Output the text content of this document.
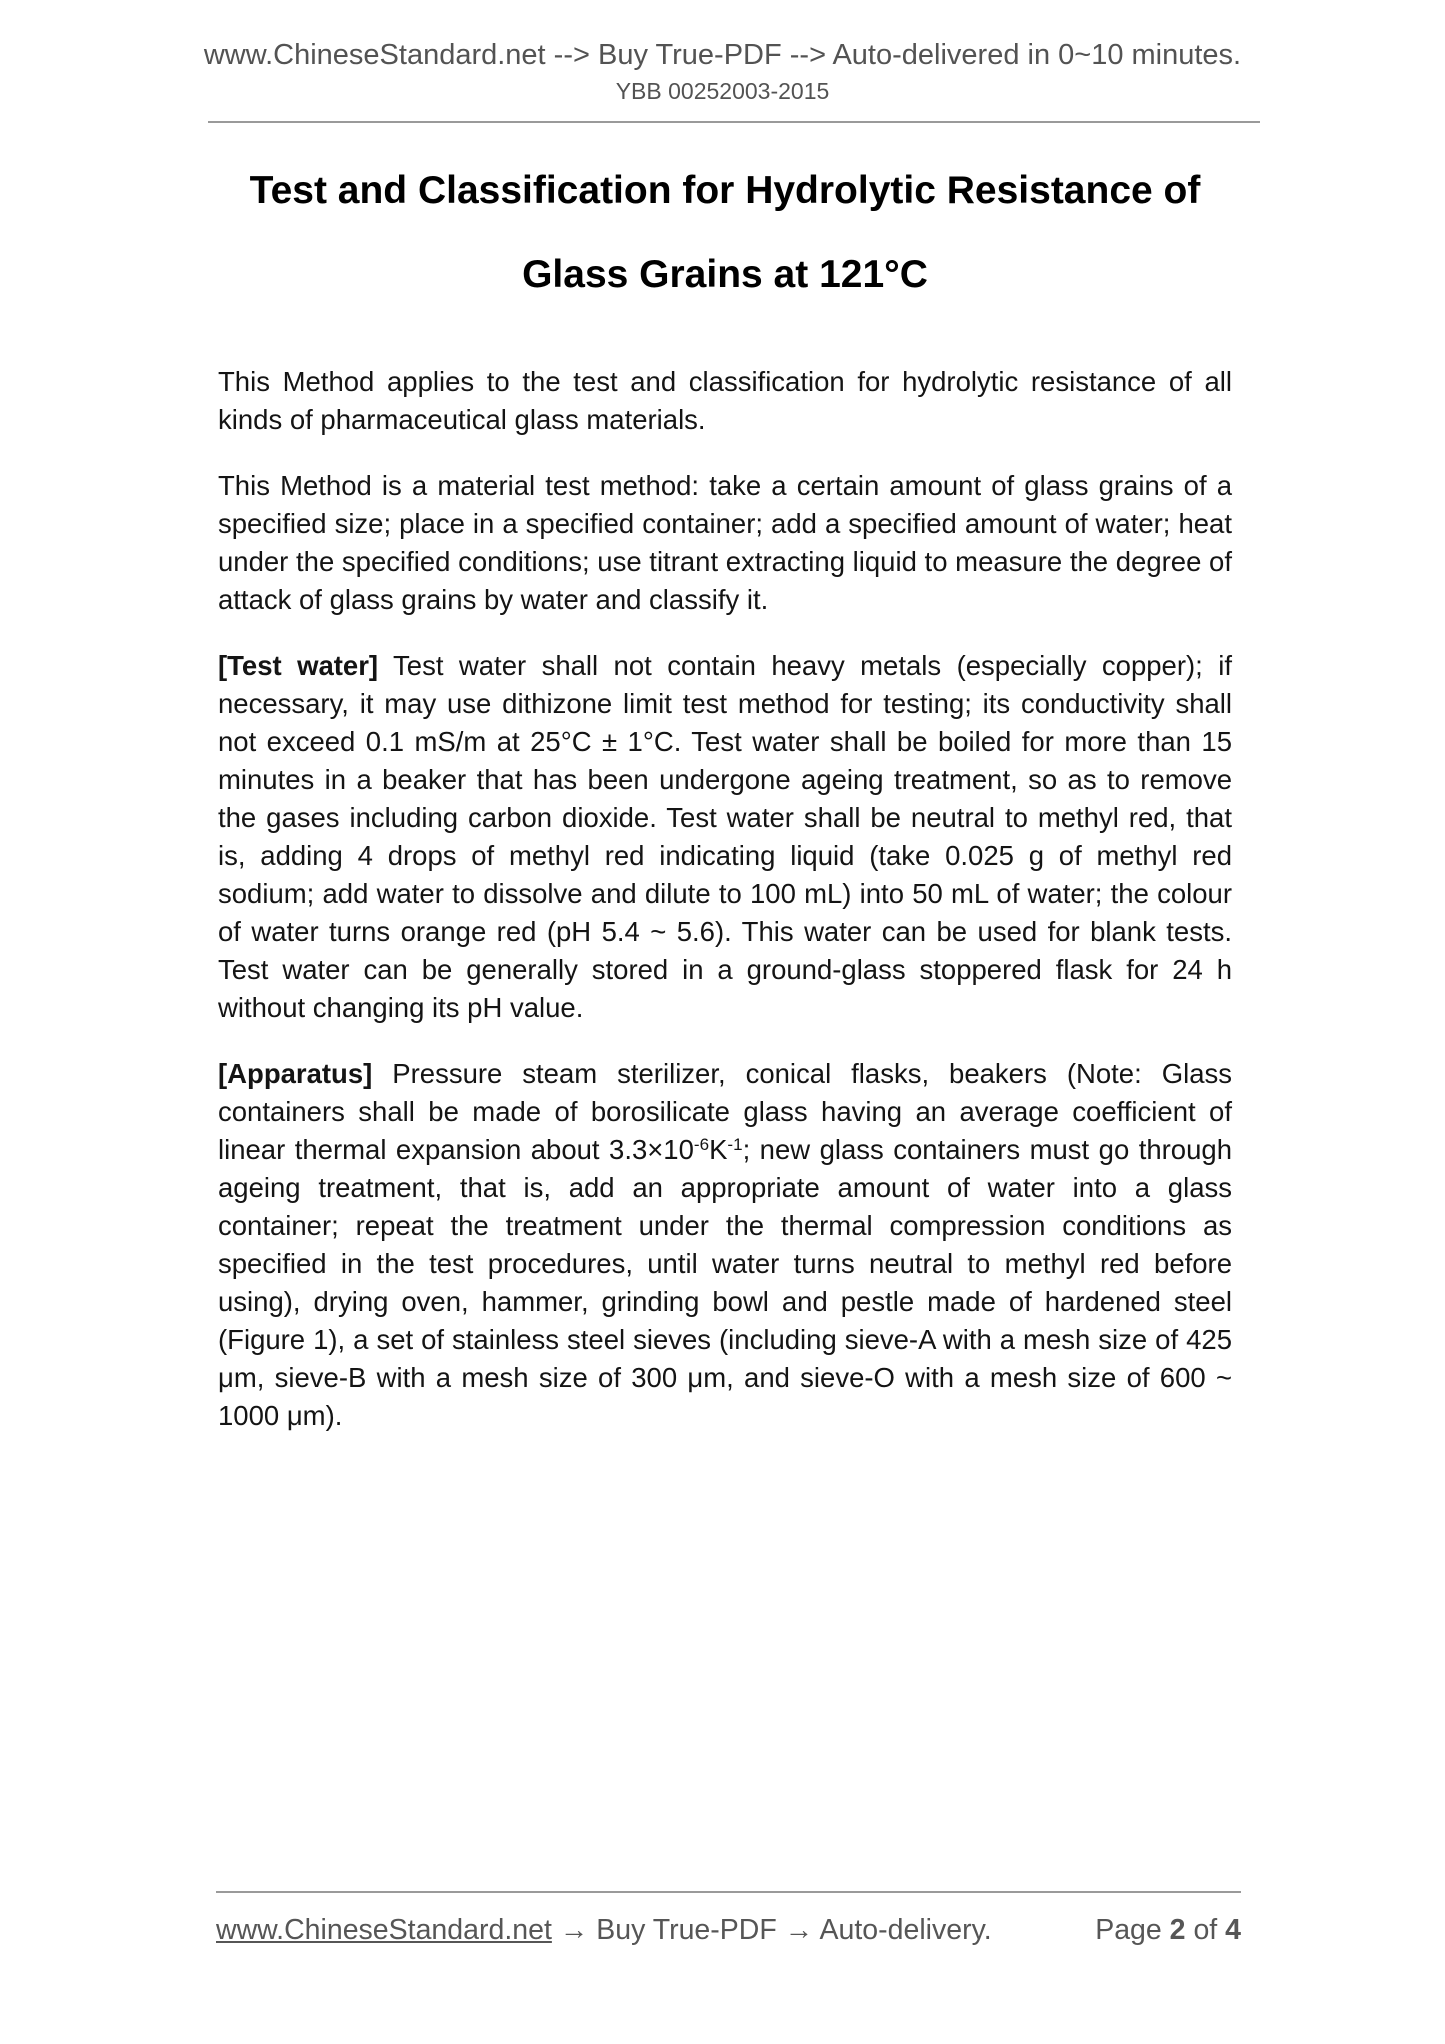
www.ChineseStandard.net --> Buy True-PDF --> Auto-delivered in 0~10 minutes.
YBB 00252003-2015
Test and Classification for Hydrolytic Resistance of
Glass Grains at 121°C

This Method applies to the test and classification for hydrolytic resistance of all kinds of pharmaceutical glass materials.

This Method is a material test method: take a certain amount of glass grains of a specified size; place in a specified container; add a specified amount of water; heat under the specified conditions; use titrant extracting liquid to measure the degree of attack of glass grains by water and classify it.

[Test water] Test water shall not contain heavy metals (especially copper); if necessary, it may use dithizone limit test method for testing; its conductivity shall not exceed 0.1 mS/m at 25°C ± 1°C. Test water shall be boiled for more than 15 minutes in a beaker that has been undergone ageing treatment, so as to remove the gases including carbon dioxide. Test water shall be neutral to methyl red, that is, adding 4 drops of methyl red indicating liquid (take 0.025 g of methyl red sodium; add water to dissolve and dilute to 100 mL) into 50 mL of water; the colour of water turns orange red (pH 5.4 ~ 5.6). This water can be used for blank tests. Test water can be generally stored in a ground-glass stoppered flask for 24 h without changing its pH value.

[Apparatus] Pressure steam sterilizer, conical flasks, beakers (Note: Glass containers shall be made of borosilicate glass having an average coefficient of linear thermal expansion about $3.3\times 10^{-6}K^{-1}$; new glass containers must go through ageing treatment, that is, add an appropriate amount of water into a glass container; repeat the treatment under the thermal compression conditions as specified in the test procedures, until water turns neutral to methyl red before using), drying oven, hammer, grinding bowl and pestle made of hardened steel (Figure 1), a set of stainless steel sieves (including sieve-A with a mesh size of 425 μm, sieve-B with a mesh size of 300 μm, and sieve-O with a mesh size of 600 ~ 1000 μm).

www.ChineseStandard.net → Buy True-PDF → Auto-delivery.	Page 2 of 4
